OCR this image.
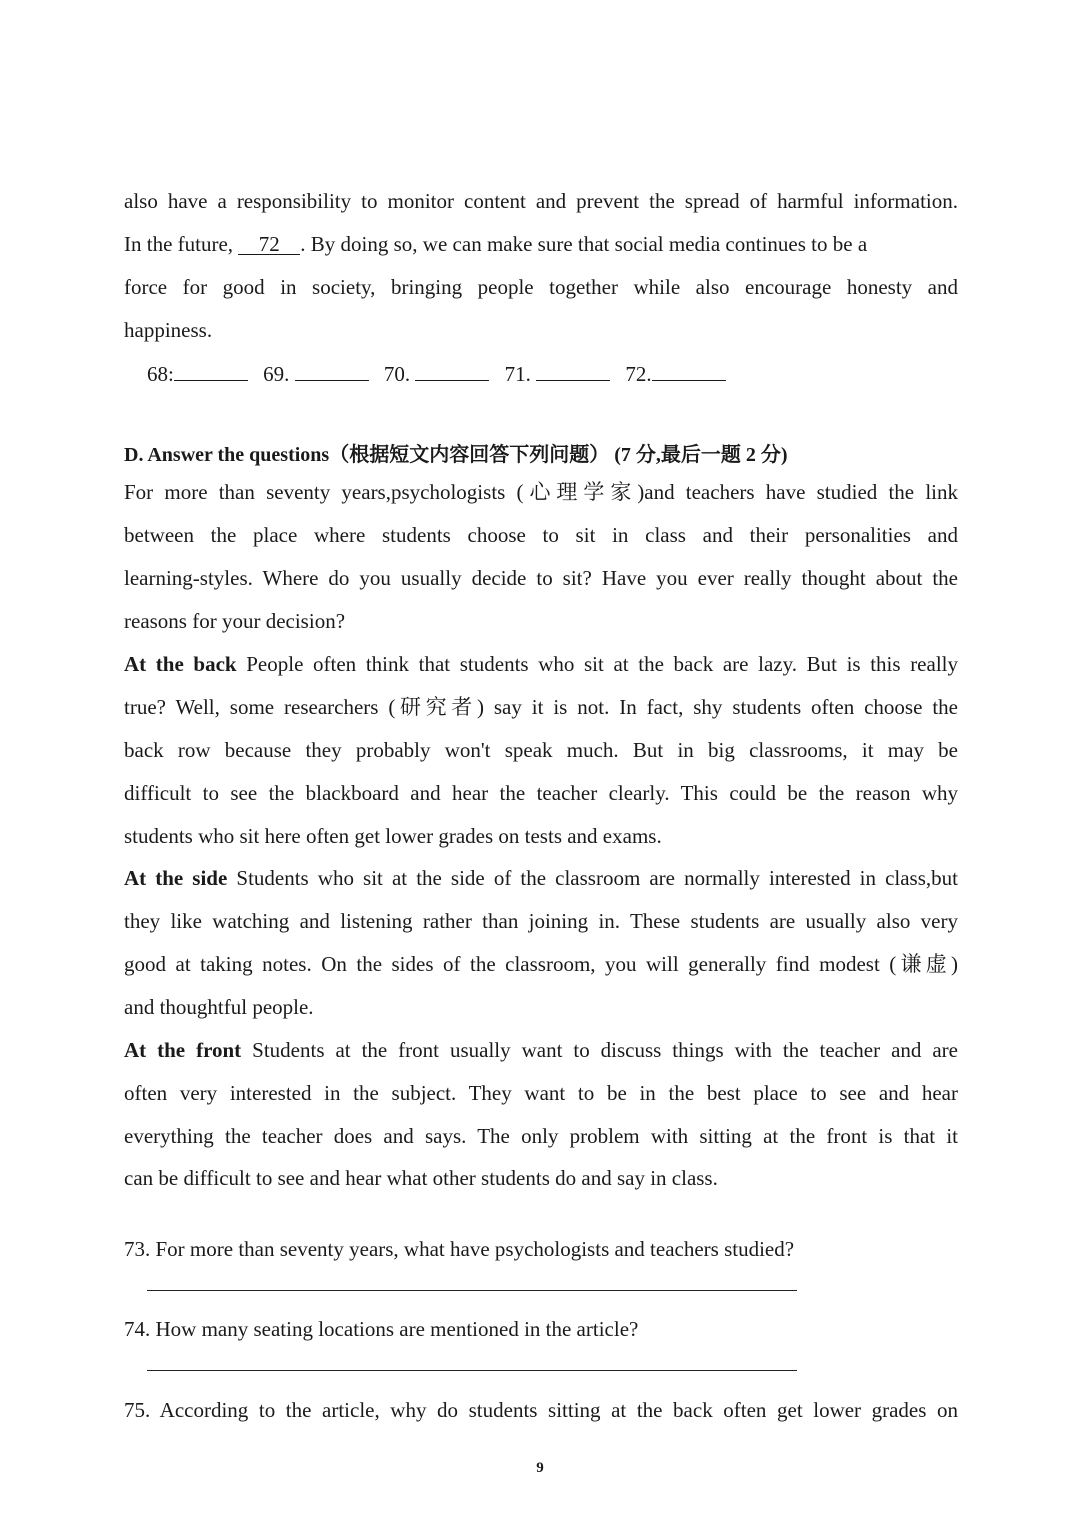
also have a responsibility to monitor content and prevent the spread of harmful information.
In the future, 72 . By doing so, we can make sure that social media continues to be a
force for good in society, bringing people together while also encourage honesty and
happiness.
68:	69.	70.	71.	72.
D. Answer the questions（根据短文内容回答下列问题） (7 分,最后一题 2 分)
For more than seventy years,psychologists (心理学家)and teachers have studied the link
between the place where students choose to sit in class and their personalities and
learning-styles. Where do you usually decide to sit? Have you ever really thought about the
reasons for your decision?
At the back People often think that students who sit at the back are lazy. But is this really
true? Well, some researchers (研究者) say it is not. In fact, shy students often choose the
back row because they probably won't speak much. But in big classrooms, it may be
difficult to see the blackboard and hear the teacher clearly. This could be the reason why
students who sit here often get lower grades on tests and exams.
At the side Students who sit at the side of the classroom are normally interested in class,but
they like watching and listening rather than joining in. These students are usually also very
good at taking notes. On the sides of the classroom, you will generally find modest (谦虚)
and thoughtful people.
At the front Students at the front usually want to discuss things with the teacher and are
often very interested in the subject. They want to be in the best place to see and hear
everything the teacher does and says. The only problem with sitting at the front is that it
can be difficult to see and hear what other students do and say in class.
73. For more than seventy years, what have psychologists and teachers studied?
74. How many seating locations are mentioned in the article?
75. According to the article, why do students sitting at the back often get lower grades on
9
